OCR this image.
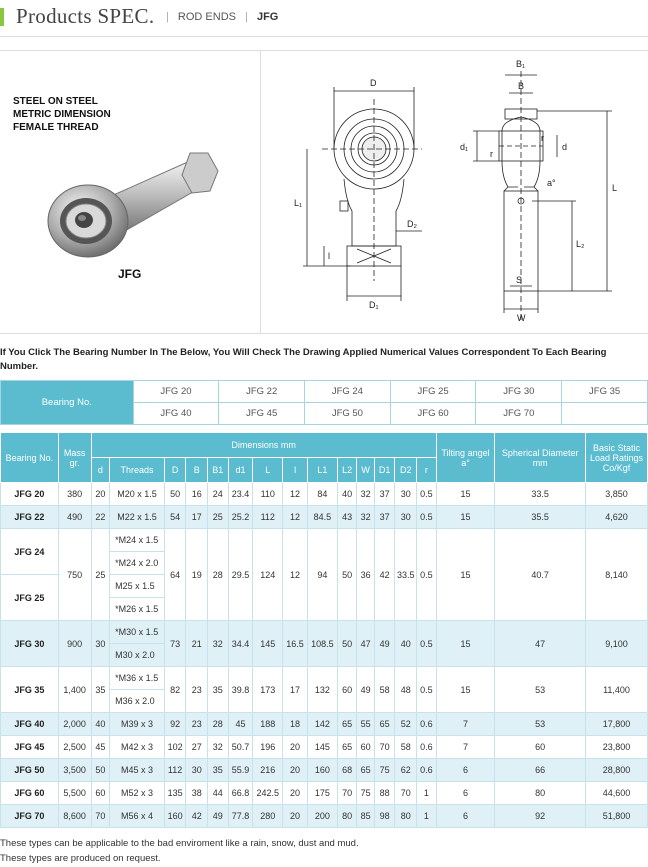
Products SPEC.	| ROD ENDS | JFG
STEEL ON STEEL
METRIC DIMENSION
FEMALE THREAD
JFG
D
L₁
D₂
l
D₁
B₁
B
d₁
r
r
d
a°	L
L₂
S
W
If You Click The Bearing Number In The Below, You Will Check The Drawing Applied Numerical Values Correspondent To Each Bearing Number.
Bearing No.	JFG 20	JFG 22	JFG 24	JFG 25	JFG 30	JFG 35
	JFG 40	JFG 45	JFG 50	JFG 60	JFG 70	
Bearing No.	Mass gr.	Dimensions mm														Tilting angel a°	Spherical Diameter mm	Basic Static Load Ratings Co/Kgf
		d	Threads	D	B	B1	d1	L	l	L1	L2	W	D1	D2	r			
JFG 20	380	20	M20 x 1.5	50	16	24	23.4	110	12	84	40	32	37	30	0.5	15	33.5	3,850
JFG 22	490	22	M22 x 1.5	54	17	25	25.2	112	12	84.5	43	32	37	30	0.5	15	35.5	4,620
JFG 24	750	25	*M24 x 1.5	64	19	28	29.5	124	12	94	50	36	42	33.5	0.5	15	40.7	8,140
			*M24 x 2.0															
JFG 25			M25 x 1.5															
			*M26 x 1.5															
JFG 30	900	30	*M30 x 1.5	73	21	32	34.4	145	16.5	108.5	50	47	49	40	0.5	15	47	9,100
			M30 x 2.0															
JFG 35	1,400	35	*M36 x 1.5	82	23	35	39.8	173	17	132	60	49	58	48	0.5	15	53	11,400
			M36 x 2.0															
JFG 40	2,000	40	M39 x 3	92	23	28	45	188	18	142	65	55	65	52	0.6	7	53	17,800
JFG 45	2,500	45	M42 x 3	102	27	32	50.7	196	20	145	65	60	70	58	0.6	7	60	23,800
JFG 50	3,500	50	M45 x 3	112	30	35	55.9	216	20	160	68	65	75	62	0.6	6	66	28,800
JFG 60	5,500	60	M52 x 3	135	38	44	66.8	242.5	20	175	70	75	88	70	1	6	80	44,600
JFG 70	8,600	70	M56 x 4	160	42	49	77.8	280	20	200	80	85	98	80	1	6	92	51,800
These types can be applicable to the bad enviroment like a rain, snow, dust and mud.
These types are produced on request.
